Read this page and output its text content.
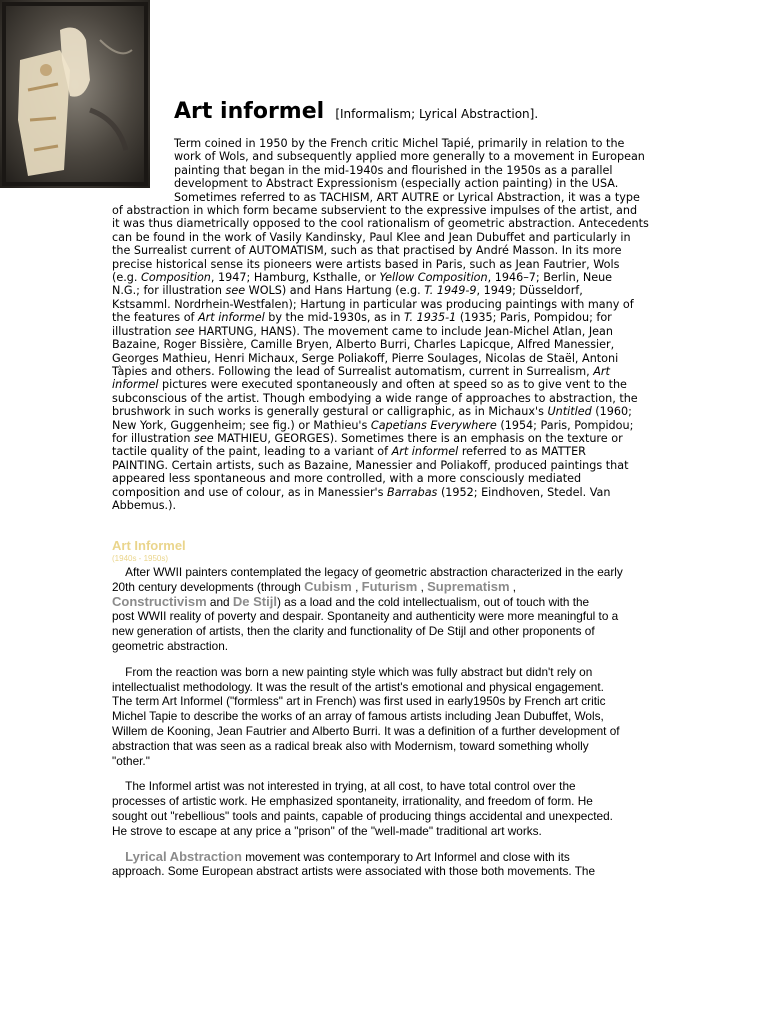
Art informel [Informalism; Lyrical Abstraction].
Term coined in 1950 by the French critic Michel Tapié, primarily in relation to the
work of Wols, and subsequently applied more generally to a movement in European
painting that began in the mid-1940s and flourished in the 1950s as a parallel
development to Abstract Expressionism (especially action painting) in the USA.
Sometimes referred to as TACHISM, ART AUTRE or Lyrical Abstraction, it was a type
of abstraction in which form became subservient to the expressive impulses of the artist, and
it was thus diametrically opposed to the cool rationalism of geometric abstraction. Antecedents
can be found in the work of Vasily Kandinsky, Paul Klee and Jean Dubuffet and particularly in
the Surrealist current of AUTOMATISM, such as that practised by André Masson. In its more
precise historical sense its pioneers were artists based in Paris, such as Jean Fautrier, Wols
(e.g. Composition, 1947; Hamburg, Ksthalle, or Yellow Composition, 1946–7; Berlin, Neue
N.G.; for illustration see WOLS) and Hans Hartung (e.g. T. 1949-9, 1949; Düsseldorf,
Kstsamml. Nordrhein-Westfalen); Hartung in particular was producing paintings with many of
the features of Art informel by the mid-1930s, as in T. 1935-1 (1935; Paris, Pompidou; for
illustration see HARTUNG, HANS). The movement came to include Jean-Michel Atlan, Jean
Bazaine, Roger Bissière, Camille Bryen, Alberto Burri, Charles Lapicque, Alfred Manessier,
Georges Mathieu, Henri Michaux, Serge Poliakoff, Pierre Soulages, Nicolas de Staël, Antoni
Tàpies and others. Following the lead of Surrealist automatism, current in Surrealism, Art
informel pictures were executed spontaneously and often at speed so as to give vent to the
subconscious of the artist. Though embodying a wide range of approaches to abstraction, the
brushwork in such works is generally gestural or calligraphic, as in Michaux's Untitled (1960;
New York, Guggenheim; see fig.) or Mathieu's Capetians Everywhere (1954; Paris, Pompidou;
for illustration see MATHIEU, GEORGES). Sometimes there is an emphasis on the texture or
tactile quality of the paint, leading to a variant of Art informel referred to as MATTER
PAINTING. Certain artists, such as Bazaine, Manessier and Poliakoff, produced paintings that
appeared less spontaneous and more controlled, with a more consciously mediated
composition and use of colour, as in Manessier's Barrabas (1952; Eindhoven, Stedel. Van
Abbemus.).
Art Informel
(1940s - 1950s)

After WWII painters contemplated the legacy of geometric abstraction characterized in the early
20th century developments (through Cubism , Futurism , Suprematism ,
Constructivism and De Stijl) as a load and the cold intellectualism, out of touch with the
post WWII reality of poverty and despair. Spontaneity and authenticity were more meaningful to a
new generation of artists, then the clarity and functionality of De Stijl and other proponents of
geometric abstraction.

From the reaction was born a new painting style which was fully abstract but didn't rely on
intellectualist methodology. It was the result of the artist's emotional and physical engagement.
The term Art Informel ("formless" art in French) was first used in early1950s by French art critic
Michel Tapie to describe the works of an array of famous artists including Jean Dubuffet, Wols,
Willem de Kooning, Jean Fautrier and Alberto Burri. It was a definition of a further development of
abstraction that was seen as a radical break also with Modernism, toward something wholly
"other."

The Informel artist was not interested in trying, at all cost, to have total control over the
processes of artistic work. He emphasized spontaneity, irrationality, and freedom of form. He
sought out "rebellious" tools and paints, capable of producing things accidental and unexpected.
He strove to escape at any price a "prison" of the "well-made" traditional art works.

Lyrical Abstraction movement was contemporary to Art Informel and close with its
approach. Some European abstract artists were associated with those both movements. The
